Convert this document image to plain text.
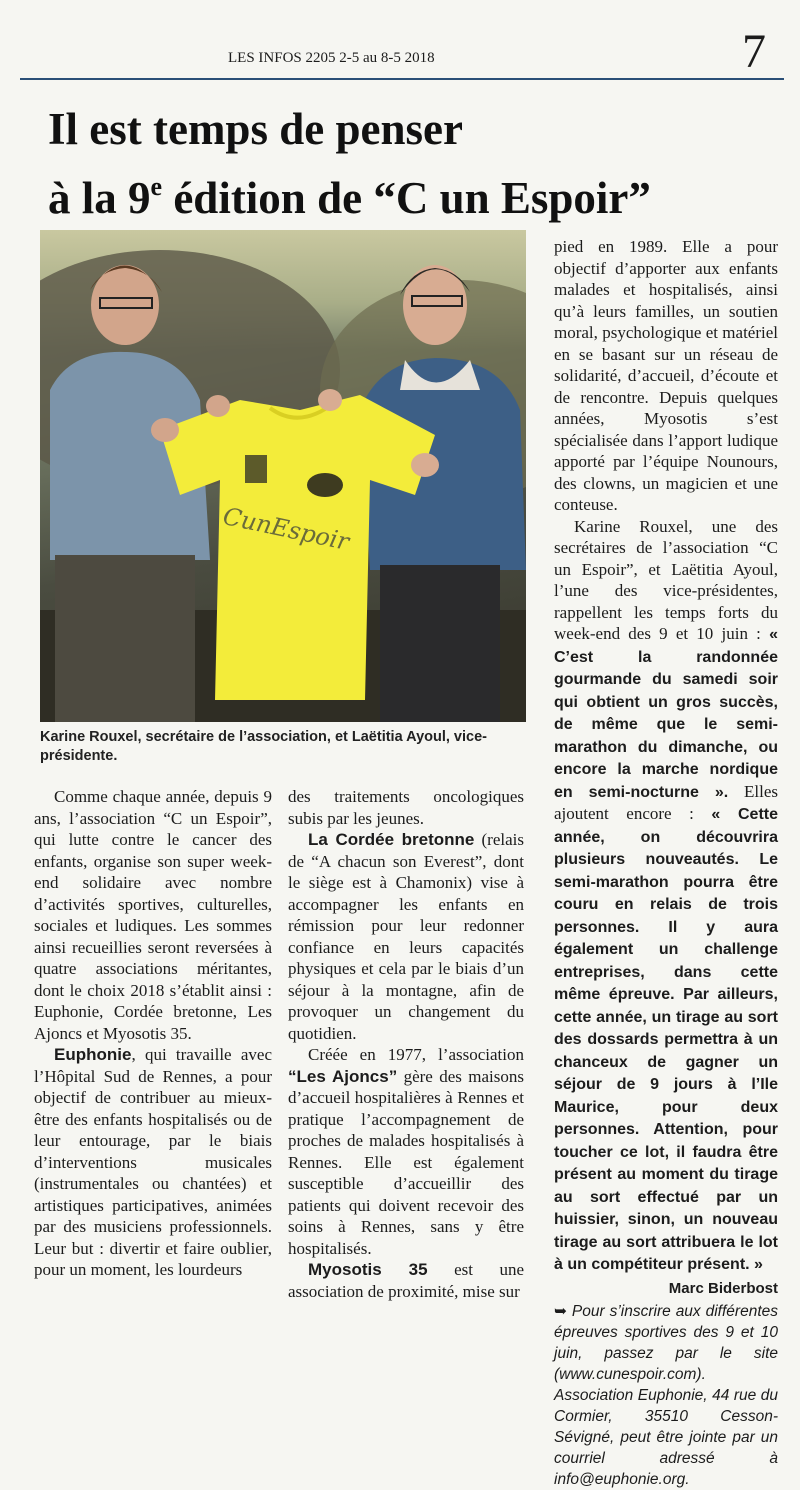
LES INFOS 2205 2-5 au 8-5 2018	7
Il est temps de penser
à la 9e édition de “C un Espoir”
CunEspoir
Karine Rouxel, secrétaire de l’association, et Laëtitia Ayoul, vice-présidente.

Comme chaque année, depuis 9 ans, l’association “C un Espoir”, qui lutte contre le cancer des enfants, organise son super week-end solidaire avec nombre d’activités sportives, culturelles, sociales et ludiques. Les sommes ainsi recueillies seront reversées à quatre associations méritantes, dont le choix 2018 s’établit ainsi : Euphonie, Cordée bretonne, Les Ajoncs et Myosotis 35.

Euphonie, qui travaille avec l’Hôpital Sud de Rennes, a pour objectif de contribuer au mieux-être des enfants hospitalisés ou de leur entourage, par le biais d’interventions musicales (instrumentales ou chantées) et artistiques participatives, animées par des musiciens professionnels. Leur but : divertir et faire oublier, pour un moment, les lourdeurs

des traitements oncologiques subis par les jeunes.

La Cordée bretonne (relais de “A chacun son Everest”, dont le siège est à Chamonix) vise à accompagner les enfants en rémission pour leur redonner confiance en leurs capacités physiques et cela par le biais d’un séjour à la montagne, afin de provoquer un changement du quotidien.

Créée en 1977, l’association “Les Ajoncs” gère des maisons d’accueil hospitalières à Rennes et pratique l’accompagnement de proches de malades hospitalisés à Rennes. Elle est également susceptible d’accueillir des patients qui doivent recevoir des soins à Rennes, sans y être hospitalisés.

Myosotis 35 est une association de proximité, mise sur

pied en 1989. Elle a pour objectif d’apporter aux enfants malades et hospitalisés, ainsi qu’à leurs familles, un soutien moral, psychologique et matériel en se basant sur un réseau de solidarité, d’accueil, d’écoute et de rencontre. Depuis quelques années, Myosotis s’est spécialisée dans l’apport ludique apporté par l’équipe Nounours, des clowns, un magicien et une conteuse.

Karine Rouxel, une des secrétaires de l’association “C un Espoir”, et Laëtitia Ayoul, l’une des vice-présidentes, rappellent les temps forts du week-end des 9 et 10 juin : « C’est la randonnée gourmande du samedi soir qui obtient un gros succès, de même que le semi-marathon du dimanche, ou encore la marche nordique en semi-nocturne ». Elles ajoutent encore : « Cette année, on découvrira plusieurs nouveautés. Le semi-marathon pourra être couru en relais de trois personnes. Il y aura également un challenge entreprises, dans cette même épreuve. Par ailleurs, cette année, un tirage au sort des dossards permettra à un chanceux de gagner un séjour de 9 jours à l’Ile Maurice, pour deux personnes. Attention, pour toucher ce lot, il faudra être présent au moment du tirage au sort effectué par un huissier, sinon, un nouveau tirage au sort attribuera le lot à un compétiteur présent. »

Marc Biderbost
➥ Pour s’inscrire aux différentes épreuves sportives des 9 et 10 juin, passez par le site (www.cunespoir.com). Association Euphonie, 44 rue du Cormier, 35510 Cesson-Sévigné, peut être jointe par un courriel adressé à info@euphonie.org.
